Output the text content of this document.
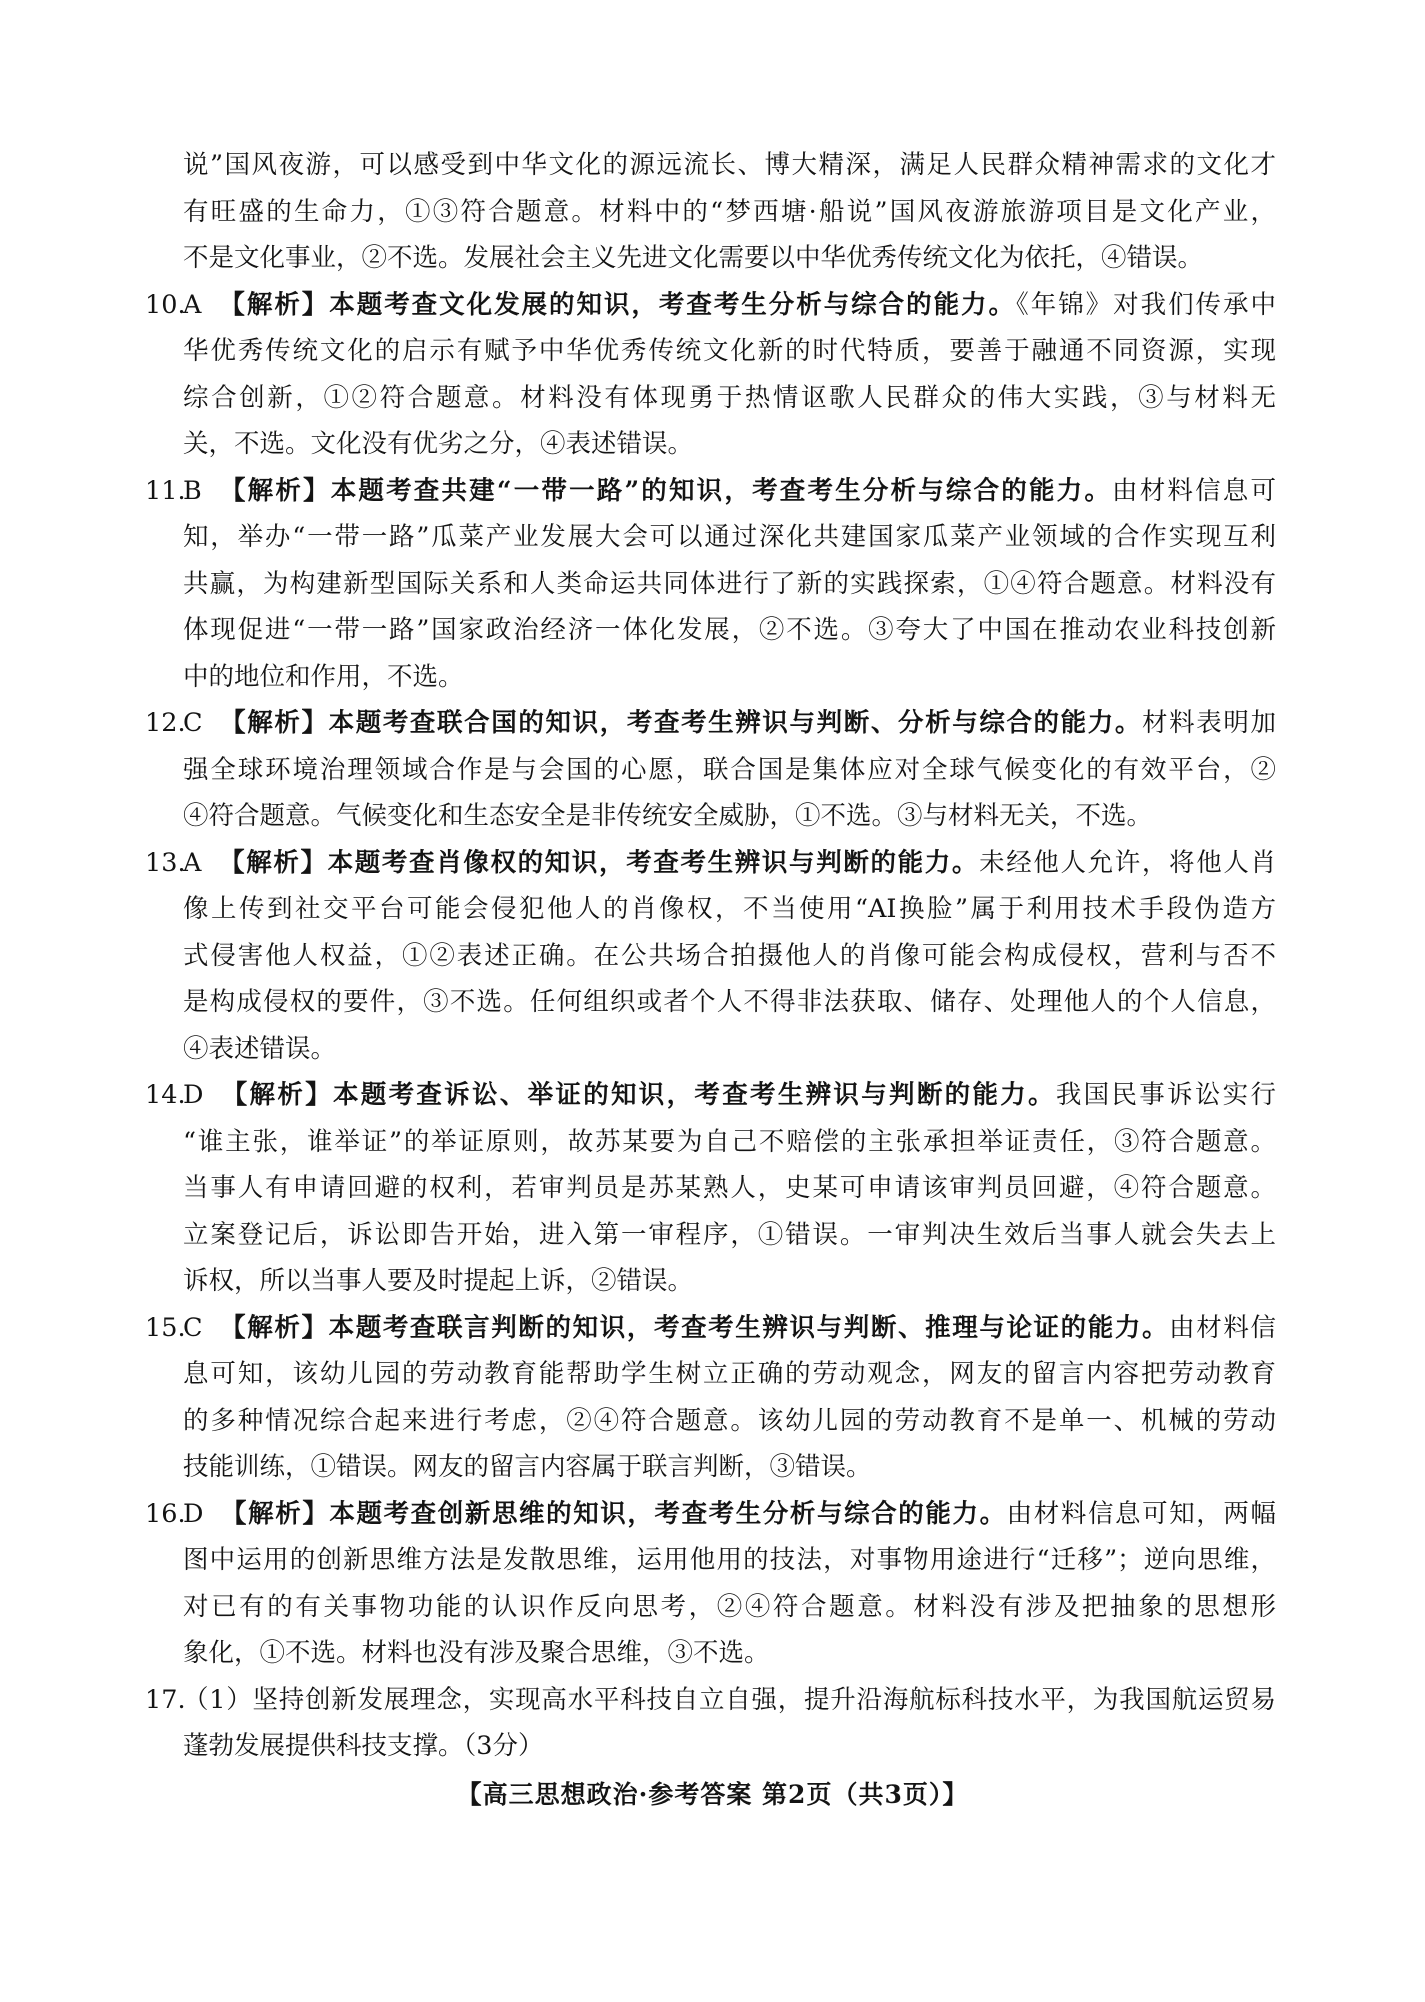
说”国风夜游，可以感受到中华文化的源远流长、博大精深，满足人民群众精神需求的文化才
有旺盛的生命力，①③符合题意。材料中的“梦西塘·船说”国风夜游旅游项目是文化产业，
不是文化事业，②不选。发展社会主义先进文化需要以中华优秀传统文化为依托，④错误。
10.
A 【解析】本题考查文化发展的知识，考查考生分析与综合的能力。《年锦》对我们传承中
华优秀传统文化的启示有赋予中华优秀传统文化新的时代特质，要善于融通不同资源，实现
综合创新，①②符合题意。材料没有体现勇于热情讴歌人民群众的伟大实践，③与材料无
关，不选。文化没有优劣之分，④表述错误。
11.
B 【解析】本题考查共建“一带一路”的知识，考查考生分析与综合的能力。由材料信息可
知，举办“一带一路”瓜菜产业发展大会可以通过深化共建国家瓜菜产业领域的合作实现互利
共赢，为构建新型国际关系和人类命运共同体进行了新的实践探索，①④符合题意。材料没有
体现促进“一带一路”国家政治经济一体化发展，②不选。③夸大了中国在推动农业科技创新
中的地位和作用，不选。
12.
C 【解析】本题考查联合国的知识，考查考生辨识与判断、分析与综合的能力。材料表明加
强全球环境治理领域合作是与会国的心愿，联合国是集体应对全球气候变化的有效平台，②
④符合题意。气候变化和生态安全是非传统安全威胁，①不选。③与材料无关，不选。
13.
A 【解析】本题考查肖像权的知识，考查考生辨识与判断的能力。未经他人允许，将他人肖
像上传到社交平台可能会侵犯他人的肖像权，不当使用“AI换脸”属于利用技术手段伪造方
式侵害他人权益，①②表述正确。在公共场合拍摄他人的肖像可能会构成侵权，营利与否不
是构成侵权的要件，③不选。任何组织或者个人不得非法获取、储存、处理他人的个人信息，
④表述错误。
14.
D 【解析】本题考查诉讼、举证的知识，考查考生辨识与判断的能力。我国民事诉讼实行
“谁主张，谁举证”的举证原则，故苏某要为自己不赔偿的主张承担举证责任，③符合题意。
当事人有申请回避的权利，若审判员是苏某熟人，史某可申请该审判员回避，④符合题意。
立案登记后，诉讼即告开始，进入第一审程序，①错误。一审判决生效后当事人就会失去上
诉权，所以当事人要及时提起上诉，②错误。
15.
C 【解析】本题考查联言判断的知识，考查考生辨识与判断、推理与论证的能力。由材料信
息可知，该幼儿园的劳动教育能帮助学生树立正确的劳动观念，网友的留言内容把劳动教育
的多种情况综合起来进行考虑，②④符合题意。该幼儿园的劳动教育不是单一、机械的劳动
技能训练，①错误。网友的留言内容属于联言判断，③错误。
16.
D 【解析】本题考查创新思维的知识，考查考生分析与综合的能力。由材料信息可知，两幅
图中运用的创新思维方法是发散思维，运用他用的技法，对事物用途进行“迁移”；逆向思维，
对已有的有关事物功能的认识作反向思考，②④符合题意。材料没有涉及把抽象的思想形
象化，①不选。材料也没有涉及聚合思维，③不选。
17.
（1）坚持创新发展理念，实现高水平科技自立自强，提升沿海航标科技水平，为我国航运贸易
蓬勃发展提供科技支撑。（3分）
【高三思想政治·参考答案 第2页（共3页）】
